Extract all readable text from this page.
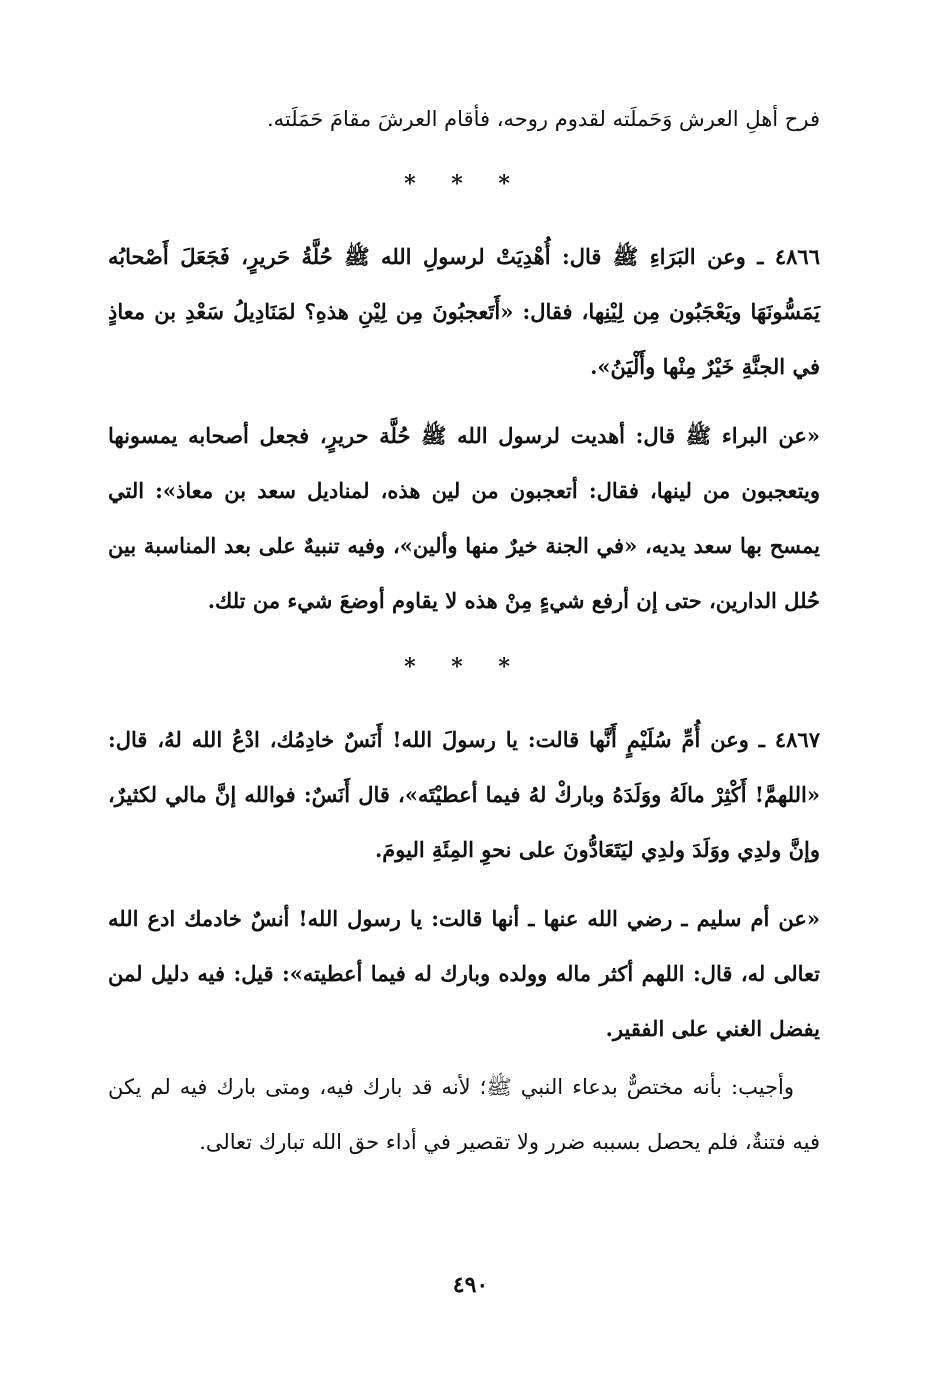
فرح أهلِ العرش وَحَملَته لقدوم روحه، فأقام العرشَ مقامَ حَمَلَته.

* * *

٤٨٦٦ ـ وعن البَرَاءِ ﷺ قال: أُهْدِيَتْ لرسولِ الله ﷺ حُلَّةُ حَريرٍ، فَجَعَلَ أَصْحابُه يَمَسُّونَهَا ويَعْجَبُون مِن لِيْنِها، فقال: «أَتَعجبُونَ مِن لِيْنِ هذهِ؟ لمَنَادِيلُ سَعْدِ بن معاذٍ في الجنَّةِ خَيْرٌ مِنْها وأَلْيَنُ».

«عن البراء ﷺ قال: أهديت لرسول الله ﷺ حُلَّة حريرٍ، فجعل أصحابه يمسونها ويتعجبون من لينها، فقال: أتعجبون من لين هذه، لمناديل سعد بن معاذ»: التي يمسح بها سعد يديه، «في الجنة خيرٌ منها وألين»، وفيه تنبيهٌ على بعد المناسبة بين حُلل الدارين، حتى إن أرفع شيءٍ مِنْ هذه لا يقاوم أوضعَ شيء من تلك.

* * *

٤٨٦٧ ـ وعن أُمِّ سُلَيْمٍ أَنَّها قالت: يا رسولَ الله! أَنَسٌ خادِمُك، ادْعُ الله لهُ، قال: «اللهمَّ! أَكْثِرْ مالَهُ ووَلَدَهُ وباركْ لهُ فيما أعطيْتَه»، قال أَنَسٌ: فوالله إنَّ مالي لكثيرٌ، وإنَّ ولدِي ووَلَدَ ولدِي ليَتَعَادُّونَ على نحوِ المِئَةِ اليومَ.

«عن أم سليم ـ رضي الله عنها ـ أنها قالت: يا رسول الله! أنسٌ خادمك ادع الله تعالى له، قال: اللهم أكثر ماله وولده وبارك له فيما أعطيته»: قيل: فيه دليل لمن يفضل الغني على الفقير.

وأجيب: بأنه مختصٌّ بدعاء النبي ﷺ؛ لأنه قد بارك فيه، ومتى بارك فيه لم يكن فيه فتنةٌ، فلم يحصل بسببه ضرر ولا تقصير في أداء حق الله تبارك تعالى.

٤٩٠
